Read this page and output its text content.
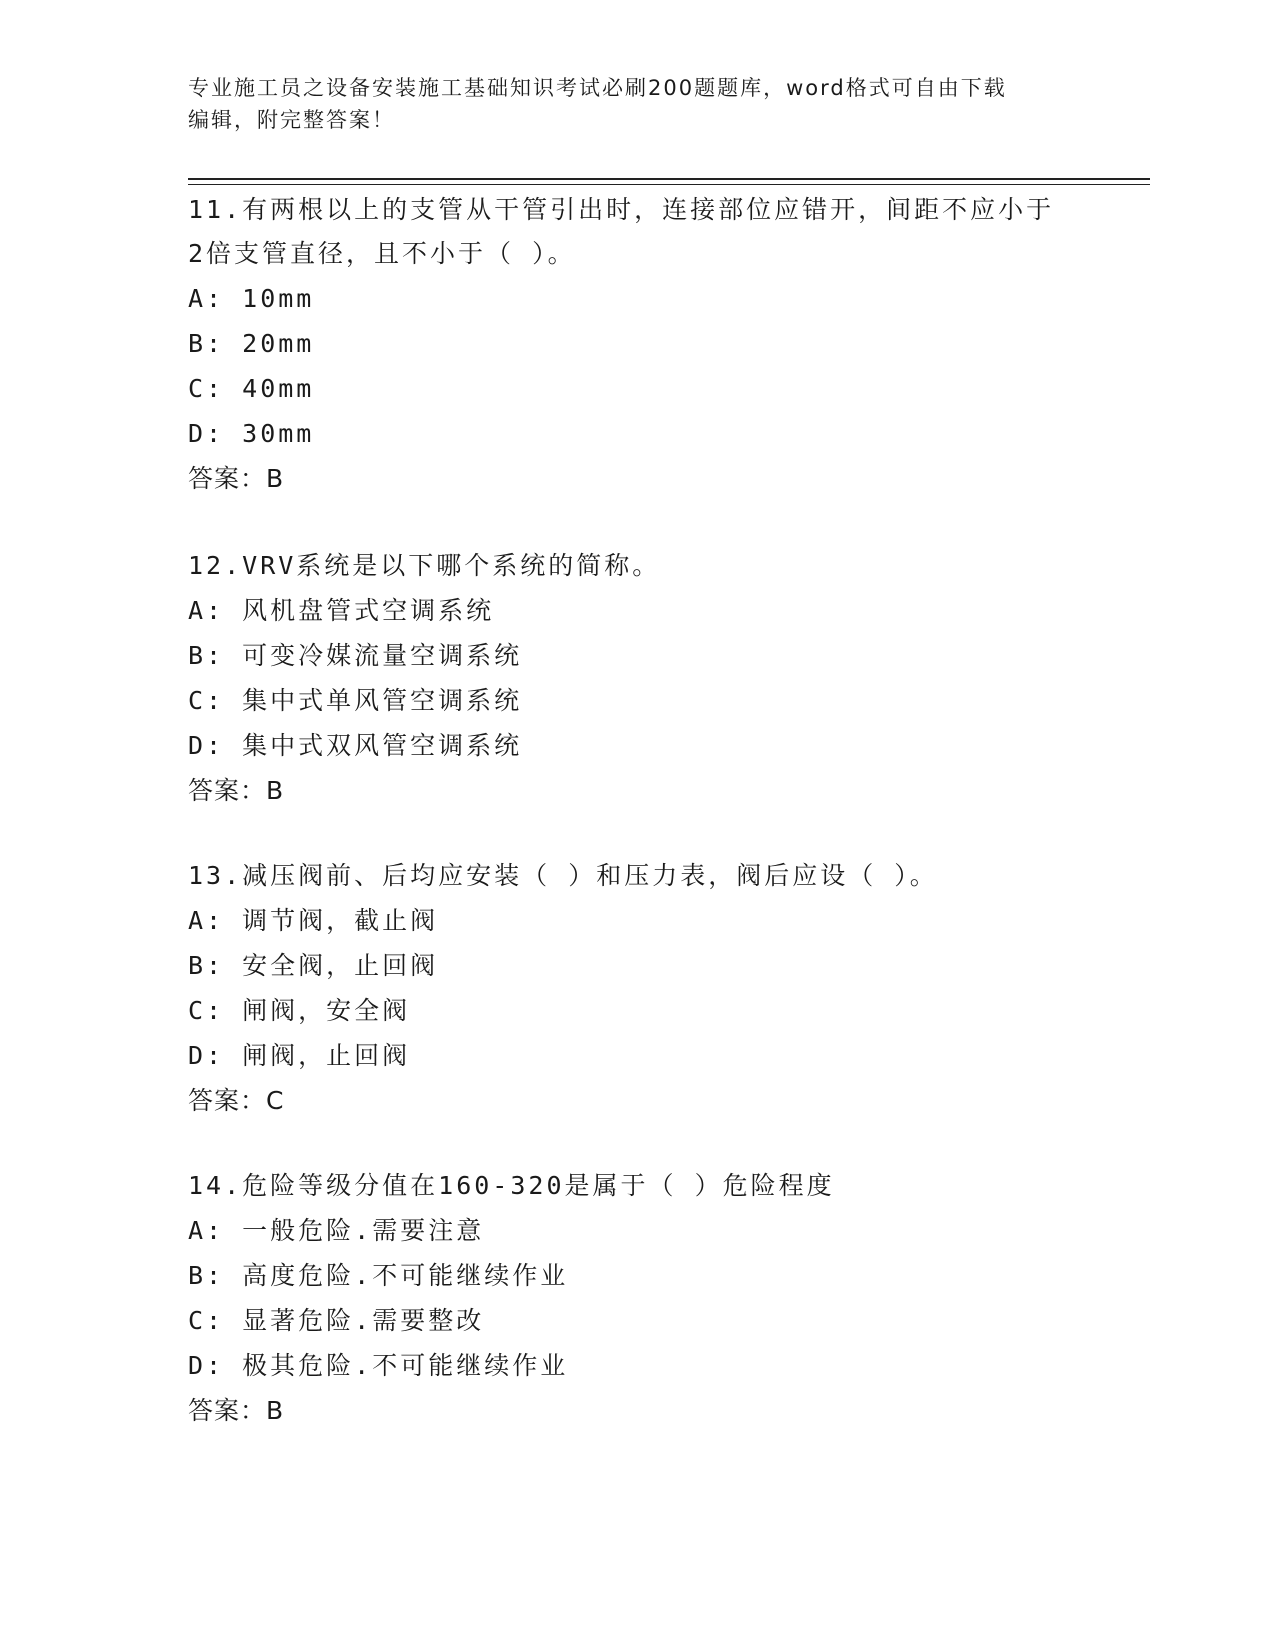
专业施工员之设备安装施工基础知识考试必刷200题题库，word格式可自由下载
编辑，附完整答案！

11.有两根以上的支管从干管引出时，连接部位应错开，间距不应小于

2倍支管直径，且不小于（ ）。

A: 10mm

B: 20mm

C: 40mm

D: 30mm

答案：B

12.VRV系统是以下哪个系统的简称。

A: 风机盘管式空调系统

B: 可变冷媒流量空调系统

C: 集中式单风管空调系统

D: 集中式双风管空调系统

答案：B

13.减压阀前、后均应安装（ ）和压力表，阀后应设（ ）。

A: 调节阀，截止阀

B: 安全阀，止回阀

C: 闸阀，安全阀

D: 闸阀，止回阀

答案：C

14.危险等级分值在160-320是属于（ ）危险程度

A: 一般危险.需要注意

B: 高度危险.不可能继续作业

C: 显著危险.需要整改

D: 极其危险.不可能继续作业

答案：B
